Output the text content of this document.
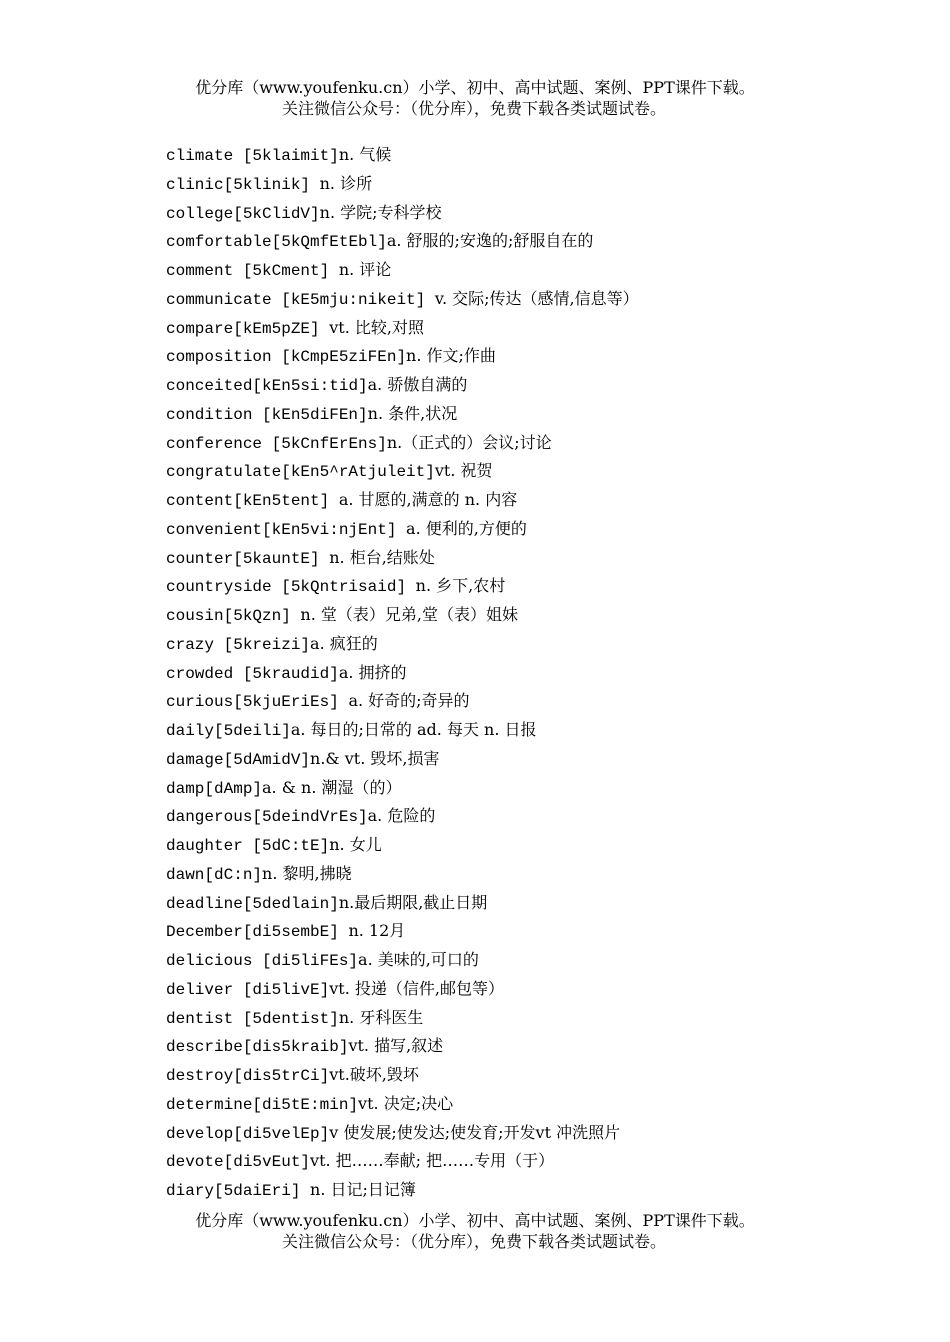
优分库（www.youfenku.cn）小学、初中、高中试题、案例、PPT课件下载。
关注微信公众号：（优分库），免费下载各类试题试卷。
climate [5klaimit]n. 气候
clinic[5klinik] n. 诊所
college[5kClidV]n. 学院;专科学校
comfortable[5kQmfEtEbl]a. 舒服的;安逸的;舒服自在的
comment [5kCment] n. 评论
communicate [kE5mju:nikeit] v. 交际;传达（感情,信息等）
compare[kEm5pZE] vt. 比较,对照
composition [kCmpE5ziFEn]n. 作文;作曲
conceited[kEn5si:tid]a. 骄傲自满的
condition [kEn5diFEn]n. 条件,状况
conference [5kCnfErEns]n.（正式的）会议;讨论
congratulate[kEn5^rAtjuleit]vt. 祝贺
content[kEn5tent] a. 甘愿的,满意的 n. 内容
convenient[kEn5vi:njEnt] a. 便利的,方便的
counter[5kauntE] n. 柜台,结账处
countryside [5kQntrisaid] n. 乡下,农村
cousin[5kQzn] n. 堂（表）兄弟,堂（表）姐妹
crazy [5kreizi]a. 疯狂的
crowded [5kraudid]a. 拥挤的
curious[5kjuEriEs] a. 好奇的;奇异的
daily[5deili]a. 每日的;日常的 ad. 每天 n. 日报
damage[5dAmidV]n.& vt. 毁坏,损害
damp[dAmp]a. & n. 潮湿（的）
dangerous[5deindVrEs]a. 危险的
daughter [5dC:tE]n. 女儿
dawn[dC:n]n. 黎明,拂晓
deadline[5dedlain]n.最后期限,截止日期
December[di5sembE] n. 12月
delicious [di5liFEs]a. 美味的,可口的
deliver [di5livE]vt. 投递（信件,邮包等）
dentist [5dentist]n. 牙科医生
describe[dis5kraib]vt. 描写,叙述
destroy[dis5trCi]vt.破坏,毁坏
determine[di5tE:min]vt. 决定;决心
develop[di5velEp]v 使发展;使发达;使发育;开发vt 冲洗照片
devote[di5vEut]vt. 把……奉献; 把……专用（于）
diary[5daiEri] n. 日记;日记簿
优分库（www.youfenku.cn）小学、初中、高中试题、案例、PPT课件下载。
关注微信公众号：（优分库），免费下载各类试题试卷。
